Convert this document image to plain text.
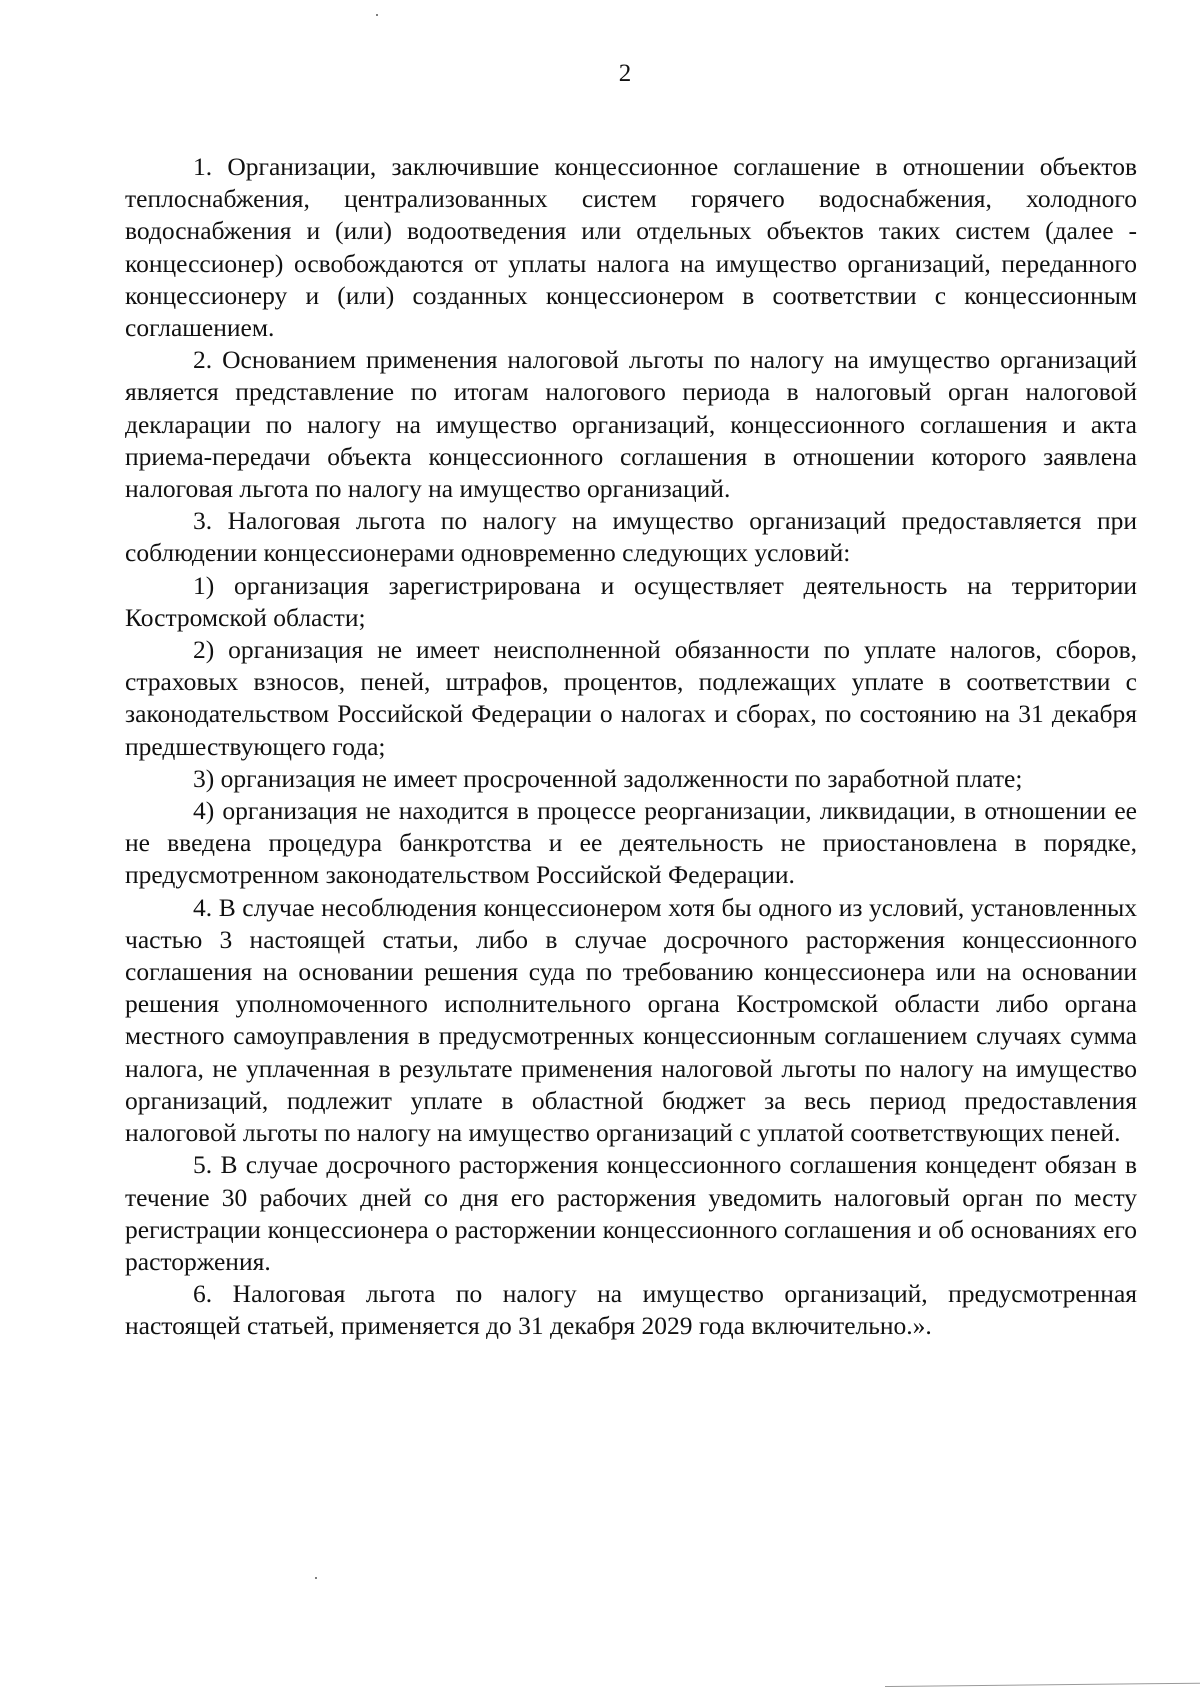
2

1. Организации, заключившие концессионное соглашение в отношении объектов теплоснабжения, централизованных систем горячего водоснабжения, холодного водоснабжения и (или) водоотведения или отдельных объектов таких систем (далее - концессионер) освобождаются от уплаты налога на имущество организаций, переданного концессионеру и (или) созданных концессионером в соответствии с концессионным соглашением.

2. Основанием применения налоговой льготы по налогу на имущество организаций является представление по итогам налогового периода в налоговый орган налоговой декларации по налогу на имущество организаций, концессионного соглашения и акта приема-передачи объекта концессионного соглашения в отношении которого заявлена налоговая льгота по налогу на имущество организаций.

3. Налоговая льгота по налогу на имущество организаций предоставляется при соблюдении концессионерами одновременно следующих условий:

1) организация зарегистрирована и осуществляет деятельность на территории Костромской области;

2) организация не имеет неисполненной обязанности по уплате налогов, сборов, страховых взносов, пеней, штрафов, процентов, подлежащих уплате в соответствии с законодательством Российской Федерации о налогах и сборах, по состоянию на 31 декабря предшествующего года;

3) организация не имеет просроченной задолженности по заработной плате;

4) организация не находится в процессе реорганизации, ликвидации, в отношении ее не введена процедура банкротства и ее деятельность не приостановлена в порядке, предусмотренном законодательством Российской Федерации.

4. В случае несоблюдения концессионером хотя бы одного из условий, установленных частью 3 настоящей статьи, либо в случае досрочного расторжения концессионного соглашения на основании решения суда по требованию концессионера или на основании решения уполномоченного исполнительного органа Костромской области либо органа местного самоуправления в предусмотренных концессионным соглашением случаях сумма налога, не уплаченная в результате применения налоговой льготы по налогу на имущество организаций, подлежит уплате в областной бюджет за весь период предоставления налоговой льготы по налогу на имущество организаций с уплатой соответствующих пеней.

5. В случае досрочного расторжения концессионного соглашения концедент обязан в течение 30 рабочих дней со дня его расторжения уведомить налоговый орган по месту регистрации концессионера о расторжении концессионного соглашения и об основаниях его расторжения.

6. Налоговая льгота по налогу на имущество организаций, предусмотренная настоящей статьей, применяется до 31 декабря 2029 года включительно.».
